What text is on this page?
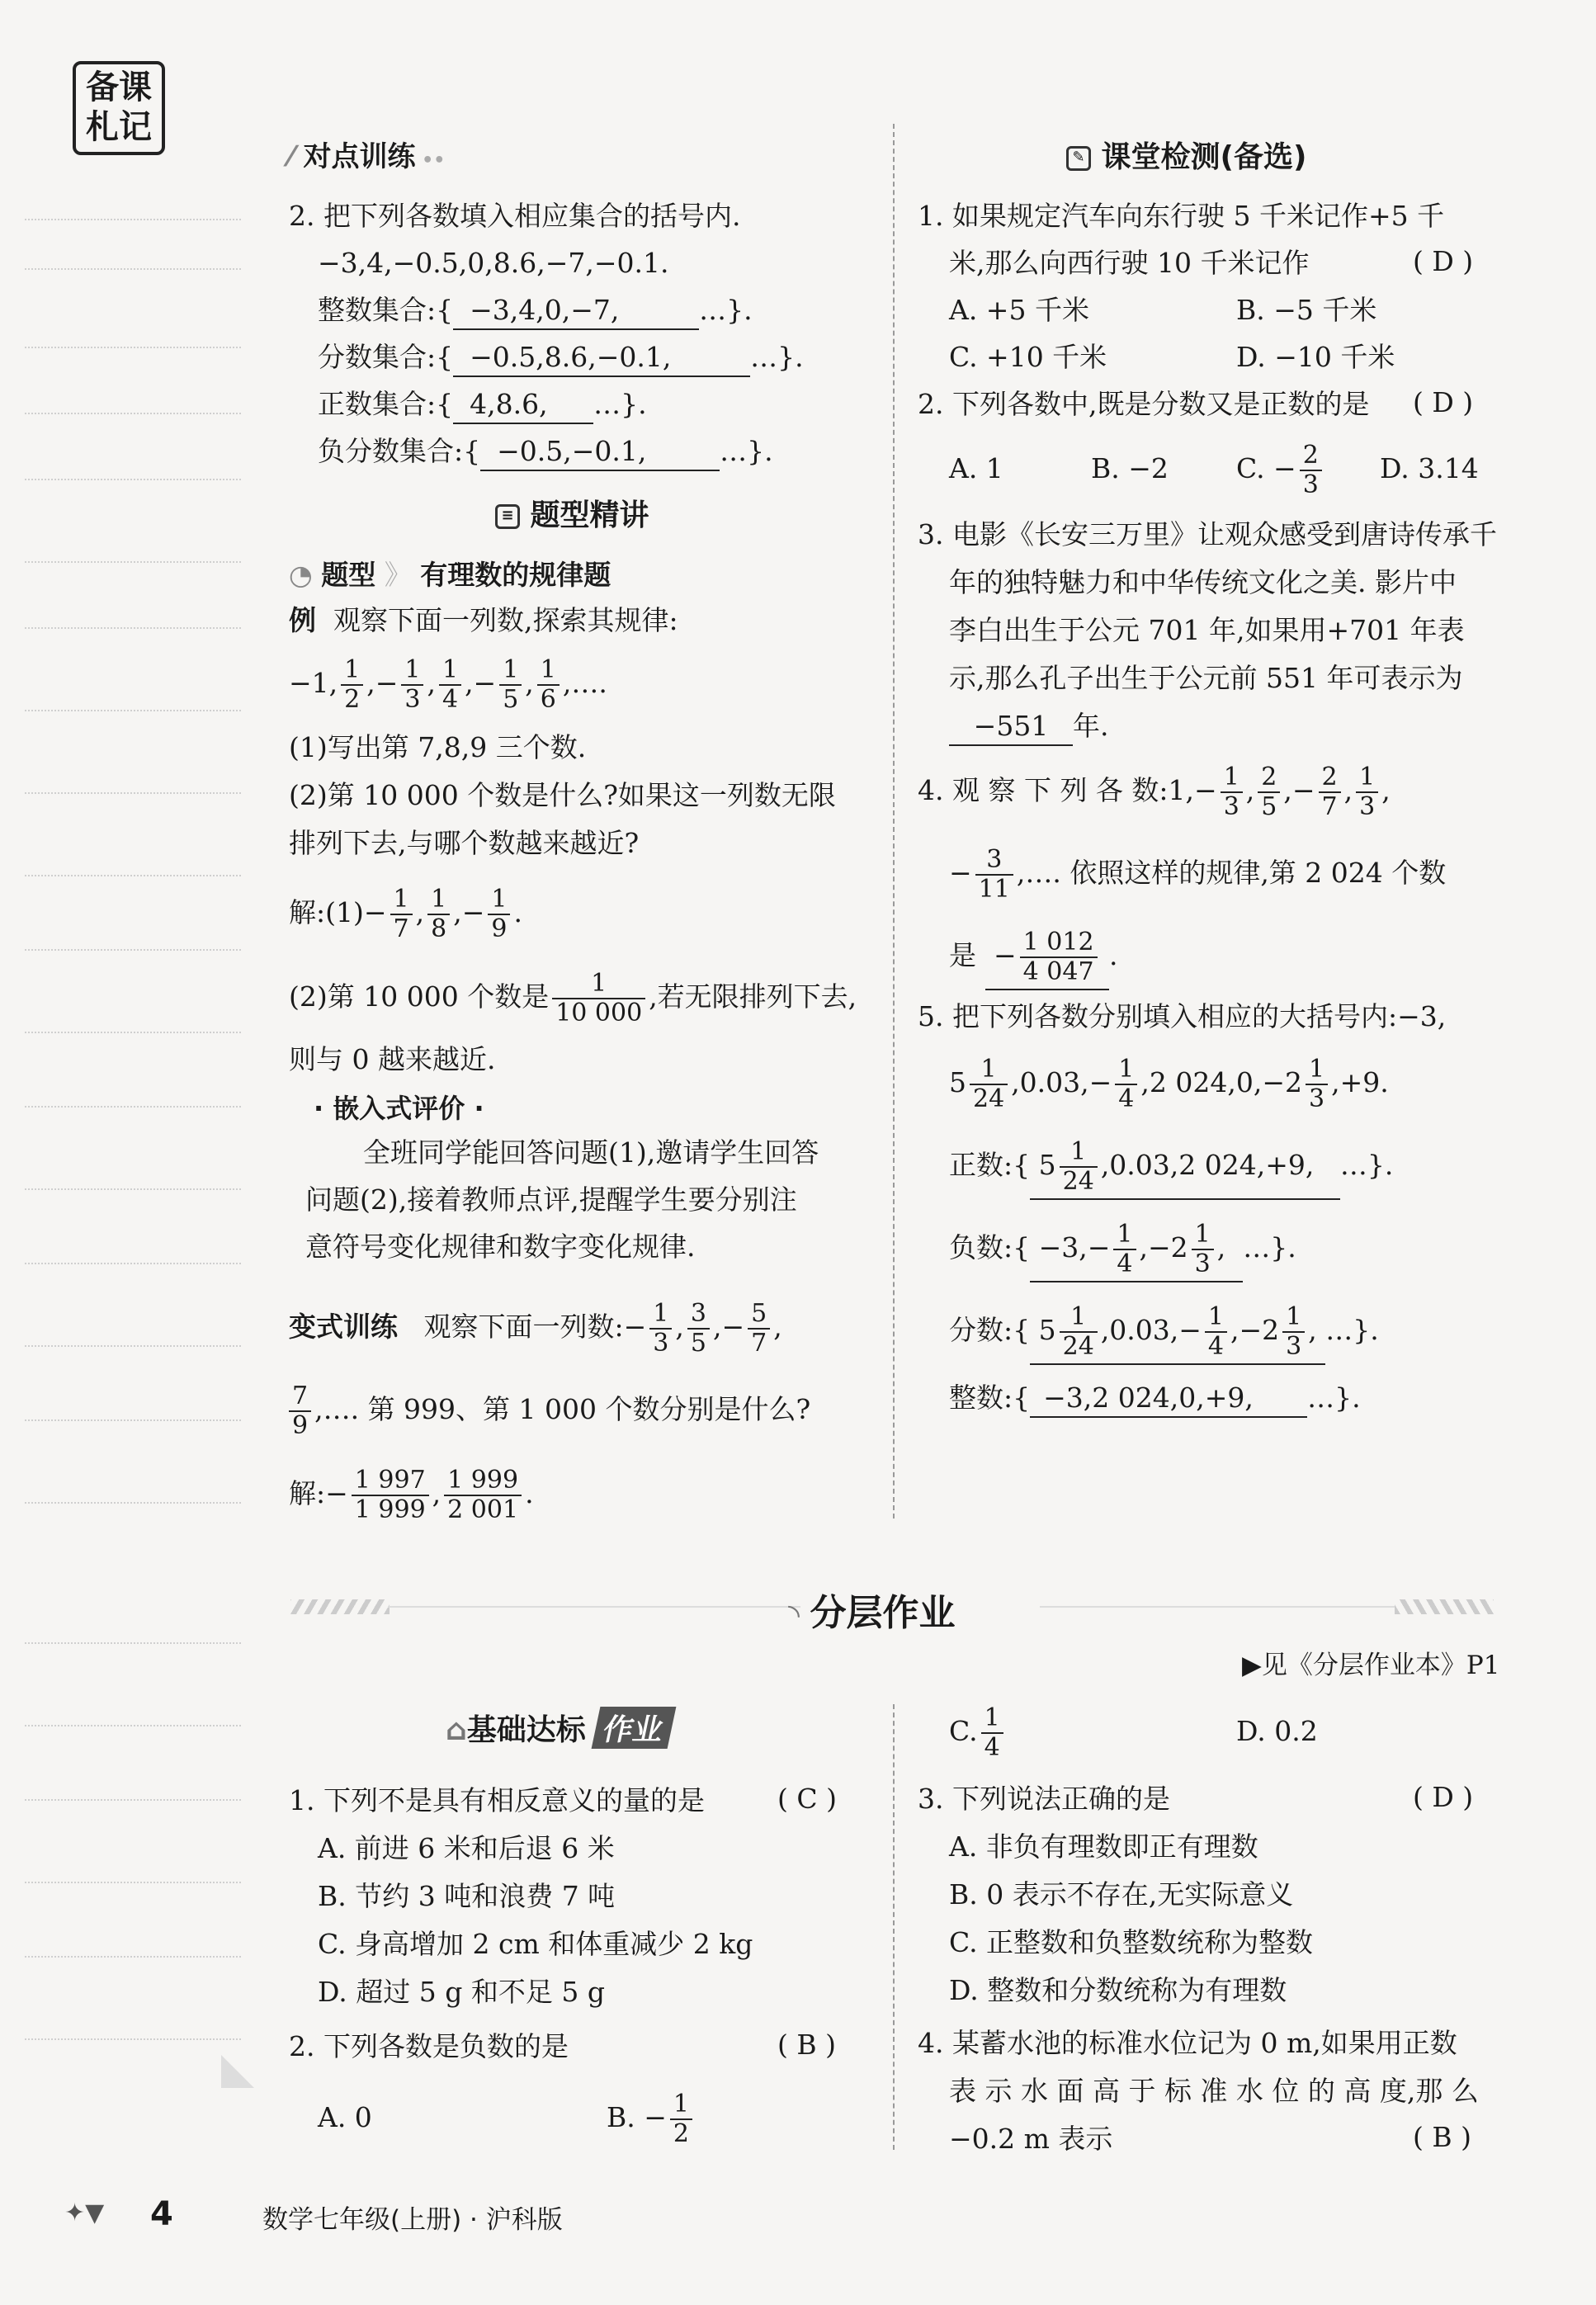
备课
札记
⁄ 对点训练 ••
2. 把下列各数填入相应集合的括号内.
−3,4,−0.5,0,8.6,−7,−0.1.
整数集合:{ −3,4,0,−7,	…}.
分数集合:{ −0.5,8.6,−0.1,	…}.
正数集合:{ 4,8.6, …}.
负分数集合:{ −0.5,−0.1,	…}.
≡ 题型精讲
◔ 题型 》 有理数的规律题
例 观察下面一列数,探索其规律:
−1, $\frac{1}{2}$ ,− $\frac{1}{3}$ , $\frac{1}{4}$ ,− $\frac{1}{5}$ , $\frac{1}{6}$ ,….
(1)写出第 7,8,9 三个数.
(2)第 10 000 个数是什么?如果这一列数无限
排列下去,与哪个数越来越近?
解:(1)− $\frac{1}{7}$ , $\frac{1}{8}$ ,− $\frac{1}{9}$ .
(2)第 10 000 个数是 $\frac{1}{10 000}$ ,若无限排列下去,
则与 0 越来越近.
· 嵌入式评价 ·
全班同学能回答问题(1),邀请学生回答
问题(2),接着教师点评,提醒学生要分别注
意符号变化规律和数字变化规律.
变式训练 观察下面一列数:− $\frac{1}{3}$ , $\frac{3}{5}$ ,− $\frac{5}{7}$ ,
$\frac{7}{9}$ ,…. 第 999、第 1 000 个数分别是什么?
解:− $\frac{1 997}{1 999}$ , $\frac{1 999}{2 001}$ .
✎ 课堂检测(备选)
1. 如果规定汽车向东行驶 5 千米记作+5 千
米,那么向西行驶 10 千米记作	( D )
A. +5 千米	B. −5 千米
C. +10 千米	D. −10 千米
2. 下列各数中,既是分数又是正数的是 ( D )
A. 1	B. −2 C. − $\frac{2}{3} D$. 3.14
3. 电影《长安三万里》让观众感受到唐诗传承千
年的独特魅力和中华传统文化之美. 影片中
李白出生于公元 701 年,如果用+701 年表
示,那么孔子出生于公元前 551 年可表示为
−551 年.
4. 观 察 下 列 各 数:1,− $\frac{1}{3}$ , $\frac{2}{5}$ ,− $\frac{2}{7}$ , $\frac{1}{3}$ ,
− $\frac{3}{11}$ ,…. 依照这样的规律,第 2 024 个数
是  − $\frac{1 012}{4 047}$ .
5. 把下列各数分别填入相应的大括号内:−3,
$5 \frac{1}{24} ,0.03,- \frac{1}{4} ,2$ $024,0,-2 \frac{1}{3} ,+9$.
正数:{ $5 \frac{1}{24} ,0.03,2$ 024,+9, …}.
负数:{ $-3,- \frac{1}{4} ,-2 \frac{1}{3}$ ,  …}.
分数:{ $5 \frac{1}{24} ,0.03,- \frac{1}{4} ,-2 \frac{1}{3}$ , …}.
整数:{ −3,2 024,0,+9, …}.
◝ 分层作业
▶见《分层作业本》P1
⌂基础达标 作业
1. 下列不是具有相反意义的量的是	( C )
A. 前进 6 米和后退 6 米
B. 节约 3 吨和浪费 7 吨
C. 身高增加 2 cm 和体重减少 2 kg
D. 超过 5 g 和不足 5 g
2. 下列各数是负数的是	( B )
A. 0	B. − $\frac{1}{2}$
C. $\frac{1}{4}$	D. 0.2
3. 下列说法正确的是	( D )
A. 非负有理数即正有理数
B. 0 表示不存在,无实际意义
C. 正整数和负整数统称为整数
D. 整数和分数统称为有理数
4. 某蓄水池的标准水位记为 0 m,如果用正数
表 示 水 面 高 于 标 准 水 位 的 高 度,那 么
−0.2 m 表示	( B )
✦▼ 4	数学七年级(上册) · 沪科版
